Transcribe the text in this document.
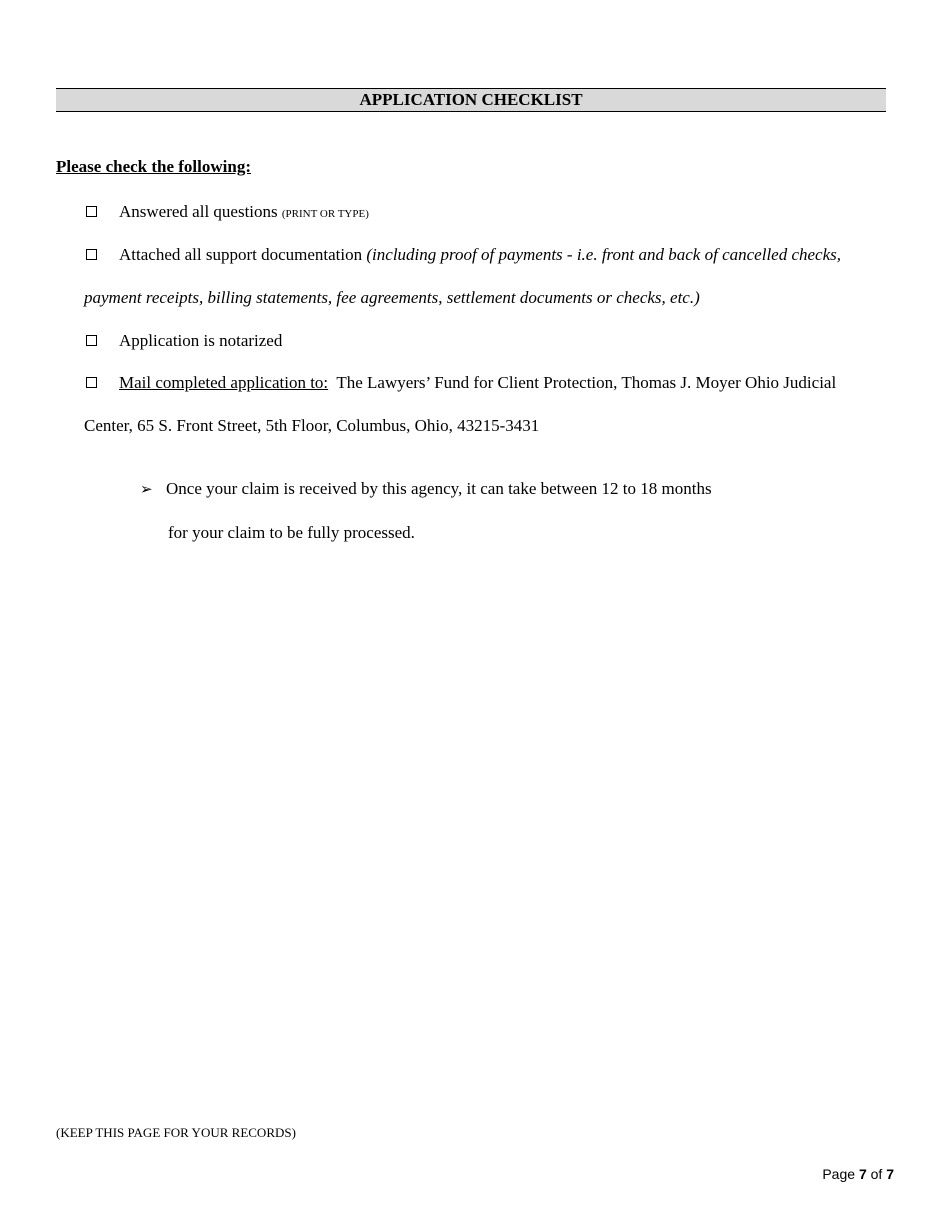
APPLICATION CHECKLIST
Please check the following:
Answered all questions (PRINT OR TYPE)
Attached all support documentation (including proof of payments - i.e. front and back of cancelled checks, payment receipts, billing statements, fee agreements, settlement documents or checks, etc.)
Application is notarized
Mail completed application to: The Lawyers’ Fund for Client Protection, Thomas J. Moyer Ohio Judicial Center, 65 S. Front Street, 5th Floor, Columbus, Ohio, 43215-3431
➢ Once your claim is received by this agency, it can take between 12 to 18 months
for your claim to be fully processed.
(KEEP THIS PAGE FOR YOUR RECORDS)
Page 7 of 7
